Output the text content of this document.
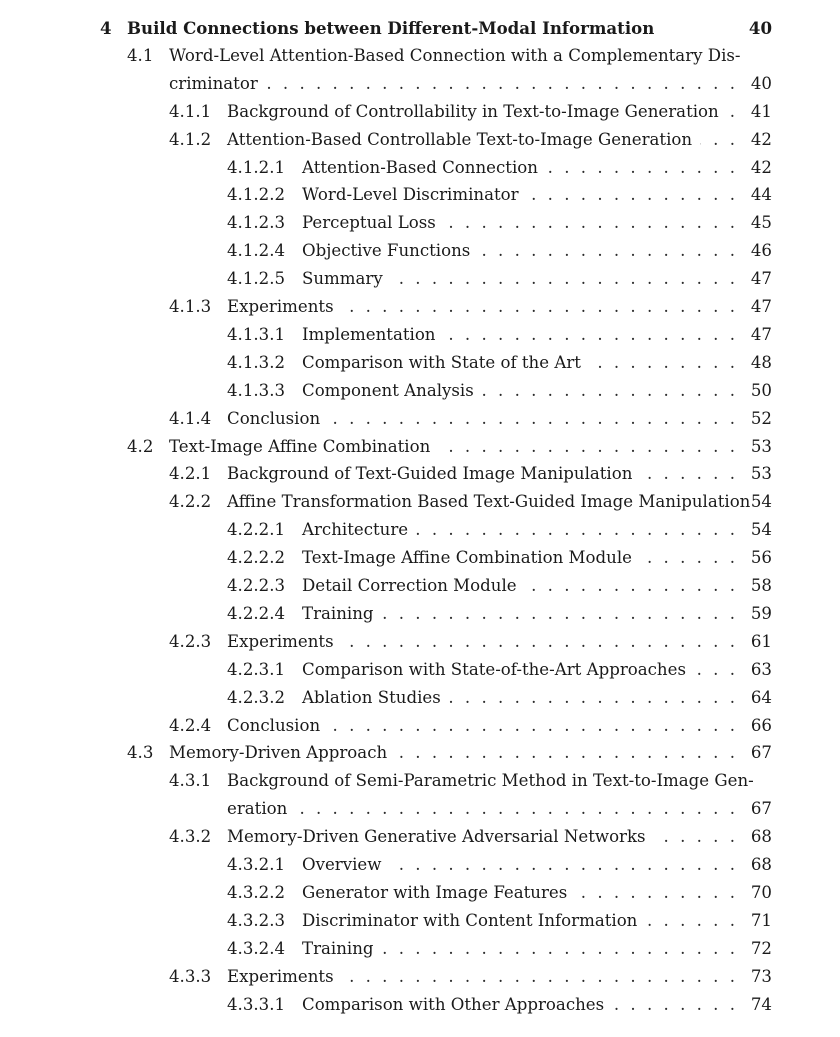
4 Build Connections between Different-Modal Information	40
4.1 Word-Level Attention-Based Connection with a Complementary Dis-
criminator . . .	40
4.1.1 Background of Controllability in Text-to-Image Generation . . . 41
4.1.2 Attention-Based Controllable Text-to-Image Generation . . .	42
4.1.2.1 Attention-Based Connection . . .	42
4.1.2.2 Word-Level Discriminator . . .	44
4.1.2.3 Perceptual Loss . . .	45
4.1.2.4 Objective Functions . . .	46
4.1.2.5 Summary . . .	47
4.1.3 Experiments . . .	47
4.1.3.1 Implementation . . .	47
4.1.3.2 Comparison with State of the Art . . .	48
4.1.3.3 Component Analysis . . .	50
4.1.4 Conclusion . . .	52
4.2 Text-Image Affine Combination . . .	53
4.2.1 Background of Text-Guided Image Manipulation . . .	53
4.2.2 Affine Transformation Based Text-Guided Image Manipulation 54
4.2.2.1 Architecture . . .	54
4.2.2.2 Text-Image Affine Combination Module . . .	56
4.2.2.3 Detail Correction Module . . .	58
4.2.2.4 Training . . .	59
4.2.3 Experiments . . .	61
4.2.3.1 Comparison with State-of-the-Art Approaches . . .	63
4.2.3.2 Ablation Studies . . .	64
4.2.4 Conclusion . . .	66
4.3 Memory-Driven Approach . . .	67
4.3.1 Background of Semi-Parametric Method in Text-to-Image Gen-
eration . . .	67
4.3.2 Memory-Driven Generative Adversarial Networks . . .	68
4.3.2.1 Overview . . .	68
4.3.2.2 Generator with Image Features . . .	70
4.3.2.3 Discriminator with Content Information . . .	71
4.3.2.4 Training . . .	72
4.3.3 Experiments . . .	73
4.3.3.1 Comparison with Other Approaches . . .	74
